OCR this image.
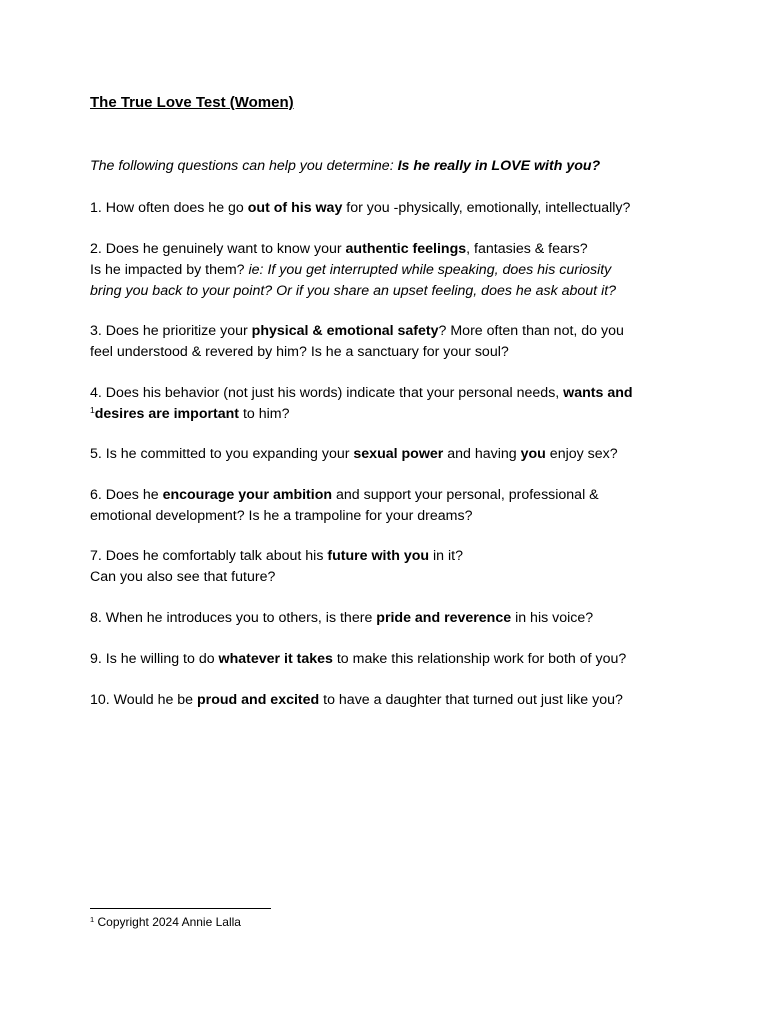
The True Love Test (Women)
The following questions can help you determine: Is he really in LOVE with you?
1. How often does he go out of his way for you -physically, emotionally, intellectually?
2. Does he genuinely want to know your authentic feelings, fantasies & fears?
Is he impacted by them? ie: If you get interrupted while speaking, does his curiosity
bring you back to your point? Or if you share an upset feeling, does he ask about it?
3. Does he prioritize your physical & emotional safety? More often than not, do you
feel understood & revered by him? Is he a sanctuary for your soul?
4. Does his behavior (not just his words) indicate that your personal needs, wants and
$^1$desires are important to him?
5. Is he committed to you expanding your sexual power and having you enjoy sex?
6. Does he encourage your ambition and support your personal, professional &
emotional development? Is he a trampoline for your dreams?
7. Does he comfortably talk about his future with you in it?
Can you also see that future?
8. When he introduces you to others, is there pride and reverence in his voice?
9. Is he willing to do whatever it takes to make this relationship work for both of you?
10. Would he be proud and excited to have a daughter that turned out just like you?
$^1$ Copyright 2024 Annie Lalla
